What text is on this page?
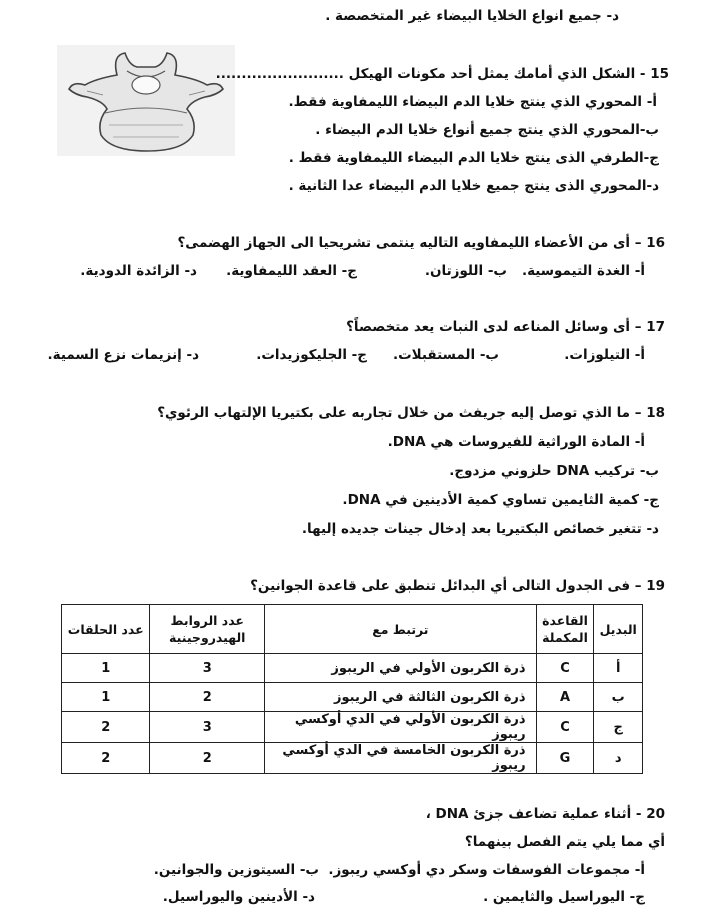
د- جميع انواع الخلايا البيضاء غير المتخصصة .
15 - الشكل الذي أمامك يمثل أحد مكونات الهيكل .........................
أ- المحوري الذي ينتج خلايا الدم البيضاء الليمفاوية فقط.
ب-المحوري الذي ينتج جميع أنواع خلايا الدم البيضاء .
ج-الطرفي الذى ينتج خلايا الدم البيضاء الليمفاوية فقط .
د-المحوري الذى ينتج جميع خلايا الدم البيضاء عدا الثانية .
16 – أى من الأعضاء الليمفاويه التاليه ينتمى تشريحيا الى الجهاز الهضمى؟
أ- الغدة التيموسية.
ب- اللوزتان.
ج- العقد الليمفاوية.
د- الزائدة الدودية.
17 – أى وسائل المناعه لدى النبات يعد متخصصاً؟
أ- التيلوزات.
ب- المستقبلات.
ج- الجليكوزيدات.
د- إنزيمات نزع السمية.
18 – ما الذي توصل إليه جريفث من خلال تجاربه على بكتيريا الإلتهاب الرئوي؟
أ- المادة الوراثية للفيروسات هي DNA.
ب- تركيب DNA حلزوني مزدوج.
ج- كمية الثايمين تساوي كمية الأدينين في DNA.
د- تتغير خصائص البكتيريا بعد إدخال جينات جديده إليها.
19 – فى الجدول التالى أي البدائل تنطبق على قاعدة الجوانين؟
البديل	القاعدة المكملة	ترتبط مع	عدد الروابط الهيدروجينية	عدد الحلقات
أ	C	ذرة الكربون الأولي في الريبوز	3	1
ب	A	ذرة الكربون الثالثة في الريبوز	2	1
ج	C	ذرة الكربون الأولي في الدي أوكسي ريبوز	3	2
د	G	ذرة الكربون الخامسة في الدي أوكسي ريبوز	2	2
20 - أثناء عملية تضاعف جزئ DNA ،
أي مما يلي يتم الفصل بينهما؟
أ- مجموعات الفوسفات وسكر دي أوكسي ريبوز.
ب- السيتوزين والجوانين.
ج- اليوراسيل والثايمين .
د- الأدينين واليوراسيل.
